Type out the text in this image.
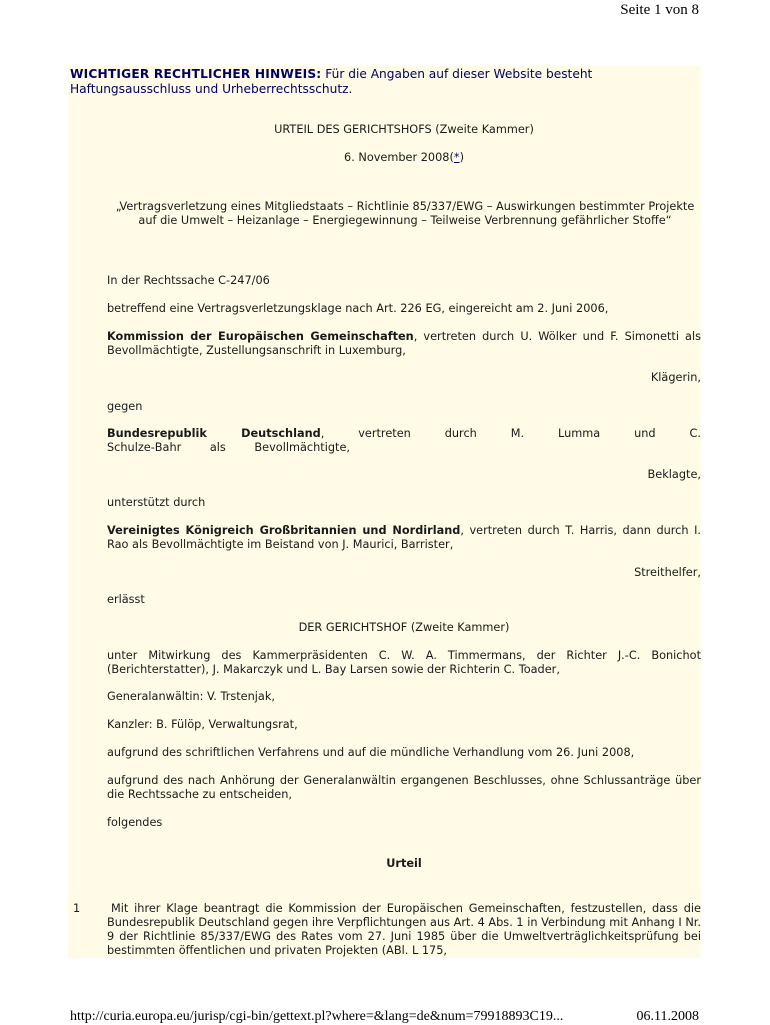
Seite 1 von 8
WICHTIGER RECHTLICHER HINWEIS: Für die Angaben auf dieser Website besteht Haftungsausschluss und Urheberrechtsschutz.
URTEIL DES GERICHTSHOFS (Zweite Kammer)
6. November 2008(*)
„Vertragsverletzung eines Mitgliedstaats – Richtlinie 85/337/EWG – Auswirkungen bestimmter Projekte auf die Umwelt – Heizanlage – Energiegewinnung – Teilweise Verbrennung gefährlicher Stoffe“
In der Rechtssache C‑247/06
betreffend eine Vertragsverletzungsklage nach Art. 226 EG, eingereicht am 2. Juni 2006,
Kommission der Europäischen Gemeinschaften, vertreten durch U. Wölker und F. Simonetti als Bevollmächtigte, Zustellungsanschrift in Luxemburg,
Klägerin,
gegen
Bundesrepublik Deutschland, vertreten durch M. Lumma und C. Schulze‑Bahr als Bevollmächtigte,
Beklagte,
unterstützt durch
Vereinigtes Königreich Großbritannien und Nordirland, vertreten durch T. Harris, dann durch I. Rao als Bevollmächtigte im Beistand von J. Maurici, Barrister,
Streithelfer,
erlässt
DER GERICHTSHOF (Zweite Kammer)
unter Mitwirkung des Kammerpräsidenten C. W. A. Timmermans, der Richter J.‑C. Bonichot (Berichterstatter), J. Makarczyk und L. Bay Larsen sowie der Richterin C. Toader,
Generalanwältin: V. Trstenjak,
Kanzler: B. Fülöp, Verwaltungsrat,
aufgrund des schriftlichen Verfahrens und auf die mündliche Verhandlung vom 26. Juni 2008,
aufgrund des nach Anhörung der Generalanwältin ergangenen Beschlusses, ohne Schlussanträge über die Rechtssache zu entscheiden,
folgendes
Urteil
1	Mit ihrer Klage beantragt die Kommission der Europäischen Gemeinschaften, festzustellen, dass die Bundesrepublik Deutschland gegen ihre Verpflichtungen aus Art. 4 Abs. 1 in Verbindung mit Anhang I Nr. 9 der Richtlinie 85/337/EWG des Rates vom 27. Juni 1985 über die Umweltverträglichkeitsprüfung bei bestimmten öffentlichen und privaten Projekten (ABl. L 175,
http://curia.europa.eu/jurisp/cgi-bin/gettext.pl?where=&lang=de&num=79918893C19...	06.11.2008
